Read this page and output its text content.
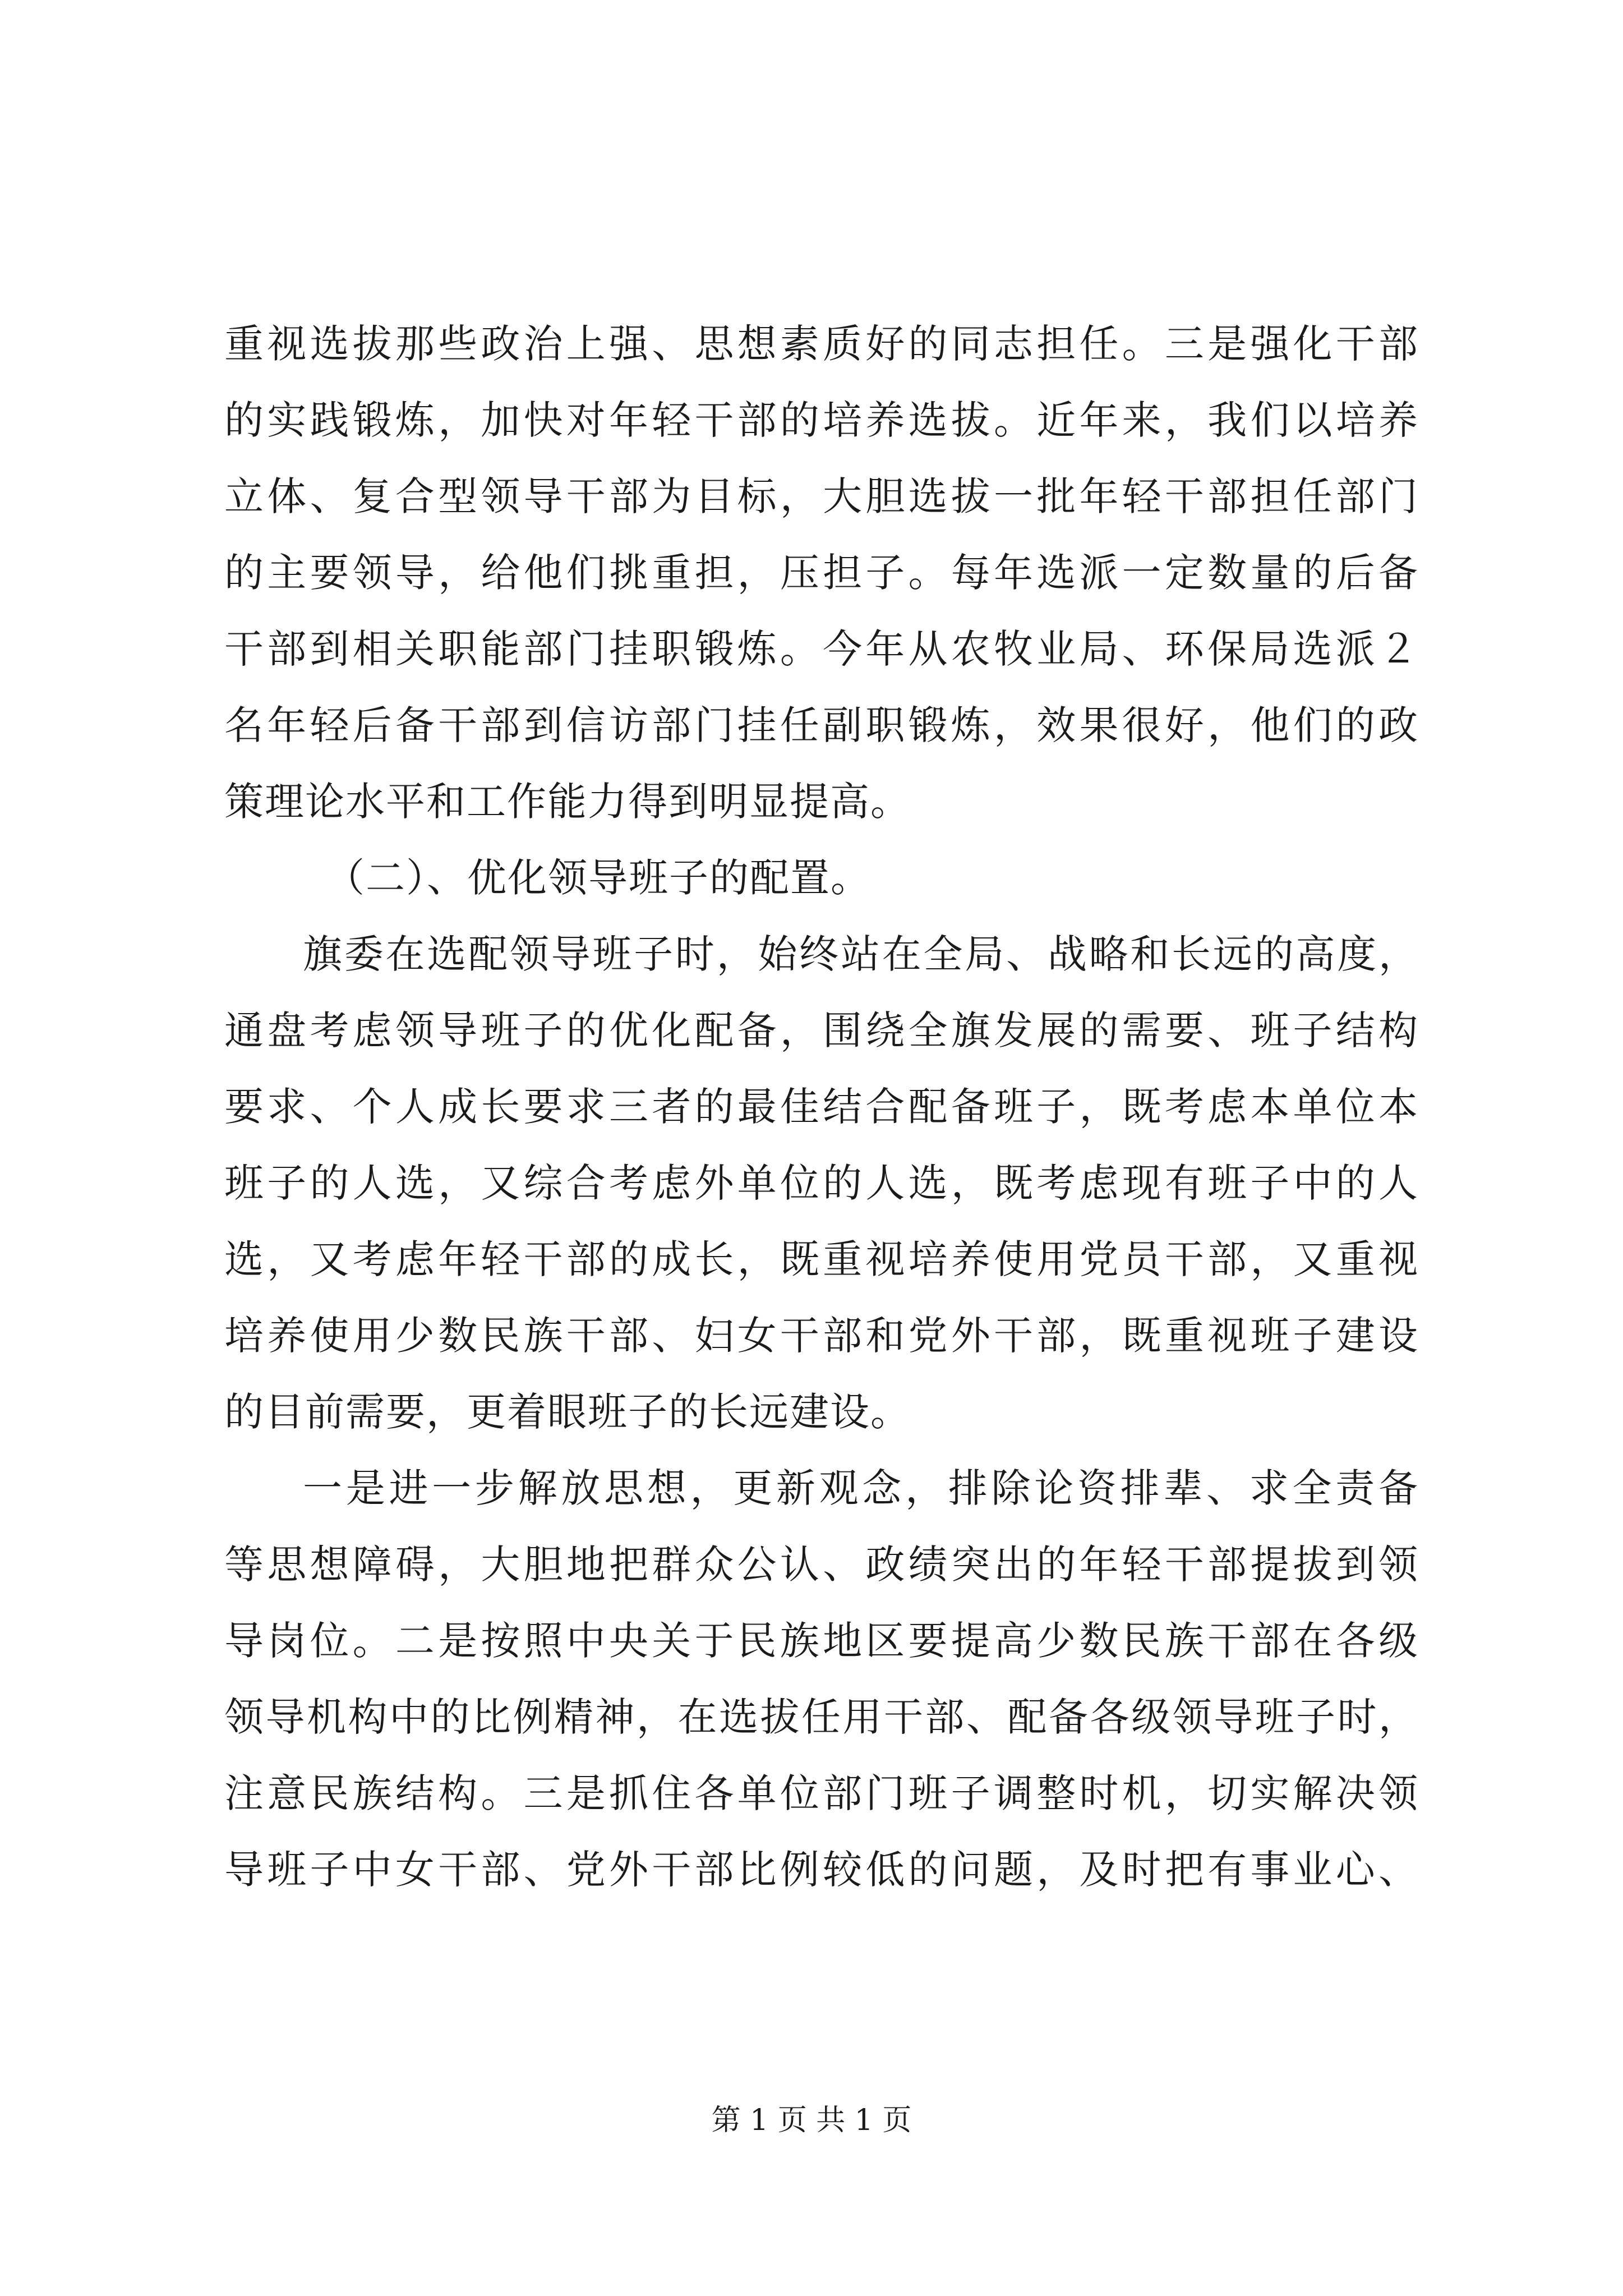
重视选拔那些政治上强、思想素质好的同志担任。三是强化干部
的实践锻炼，加快对年轻干部的培养选拔。近年来，我们以培养
立体、复合型领导干部为目标，大胆选拔一批年轻干部担任部门
的主要领导，给他们挑重担，压担子。每年选派一定数量的后备
干部到相关职能部门挂职锻炼。今年从农牧业局、环保局选派２
名年轻后备干部到信访部门挂任副职锻炼，效果很好，他们的政
策理论水平和工作能力得到明显提高。
（二）、优化领导班子的配置。
旗委在选配领导班子时，始终站在全局、战略和长远的高度，
通盘考虑领导班子的优化配备，围绕全旗发展的需要、班子结构
要求、个人成长要求三者的最佳结合配备班子，既考虑本单位本
班子的人选，又综合考虑外单位的人选，既考虑现有班子中的人
选，又考虑年轻干部的成长，既重视培养使用党员干部，又重视
培养使用少数民族干部、妇女干部和党外干部，既重视班子建设
的目前需要，更着眼班子的长远建设。
一是进一步解放思想，更新观念，排除论资排辈、求全责备
等思想障碍，大胆地把群众公认、政绩突出的年轻干部提拔到领
导岗位。二是按照中央关于民族地区要提高少数民族干部在各级
领导机构中的比例精神，在选拔任用干部、配备各级领导班子时，
注意民族结构。三是抓住各单位部门班子调整时机，切实解决领
导班子中女干部、党外干部比例较低的问题，及时把有事业心、
第 1 页 共 1 页
